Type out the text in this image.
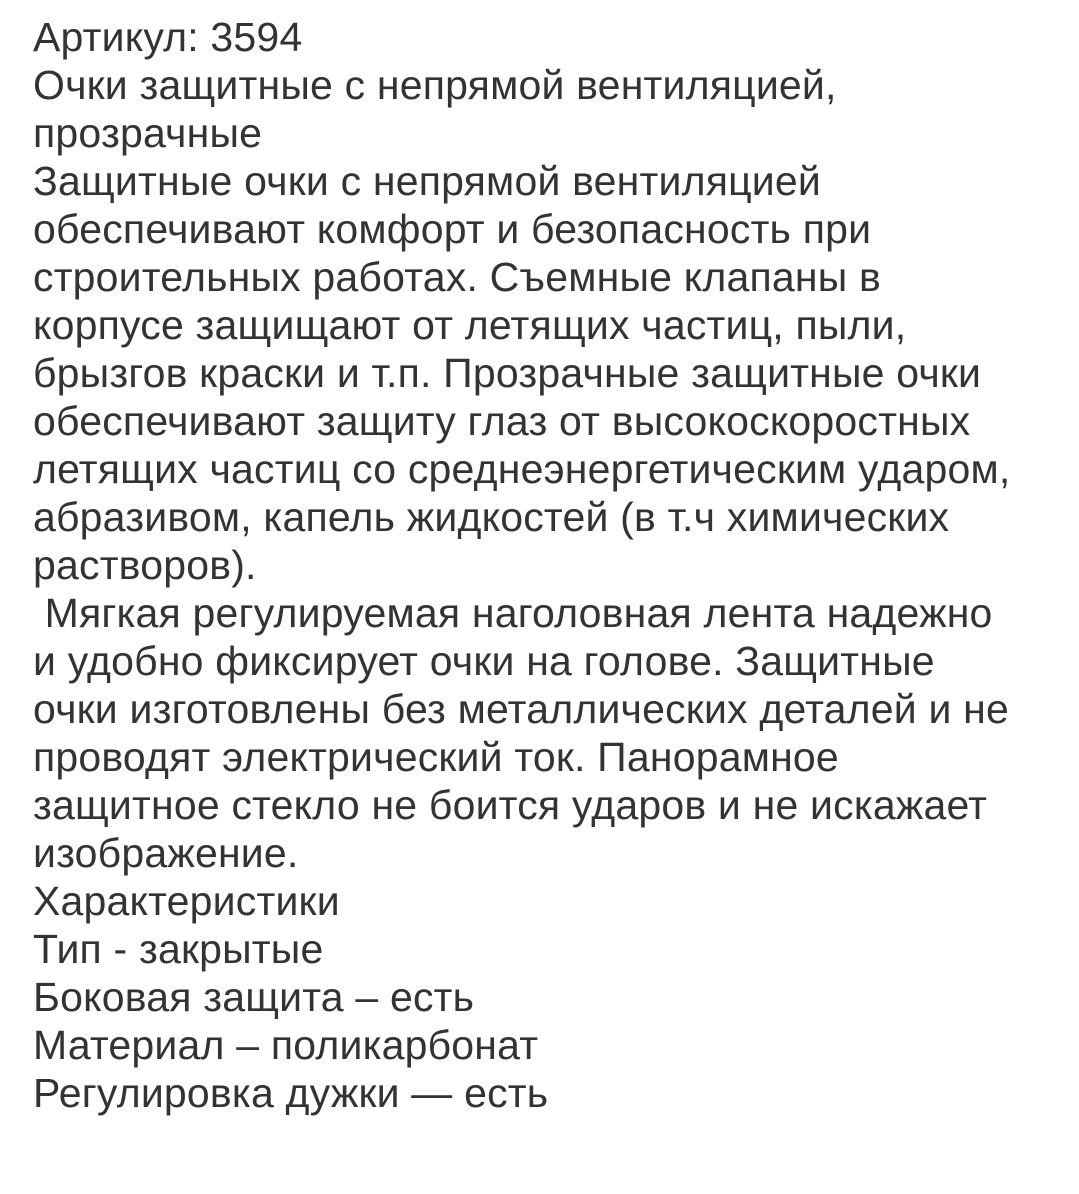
Артикул: 3594
Очки защитные с непрямой вентиляцией,
прозрачные
Защитные очки с непрямой вентиляцией
обеспечивают комфорт и безопасность при
строительных работах. Съемные клапаны в
корпусе защищают от летящих частиц, пыли,
брызгов краски и т.п. Прозрачные защитные очки
обеспечивают защиту глаз от высокоскоростных
летящих частиц со среднеэнергетическим ударом,
абразивом, капель жидкостей (в т.ч химических
растворов).
Мягкая регулируемая наголовная лента надежно
и удобно фиксирует очки на голове. Защитные
очки изготовлены без металлических деталей и не
проводят электрический ток. Панорамное
защитное стекло не боится ударов и не искажает
изображение.
Характеристики
Тип - закрытые
Боковая защита – есть
Материал – поликарбонат
Регулировка дужки — есть
